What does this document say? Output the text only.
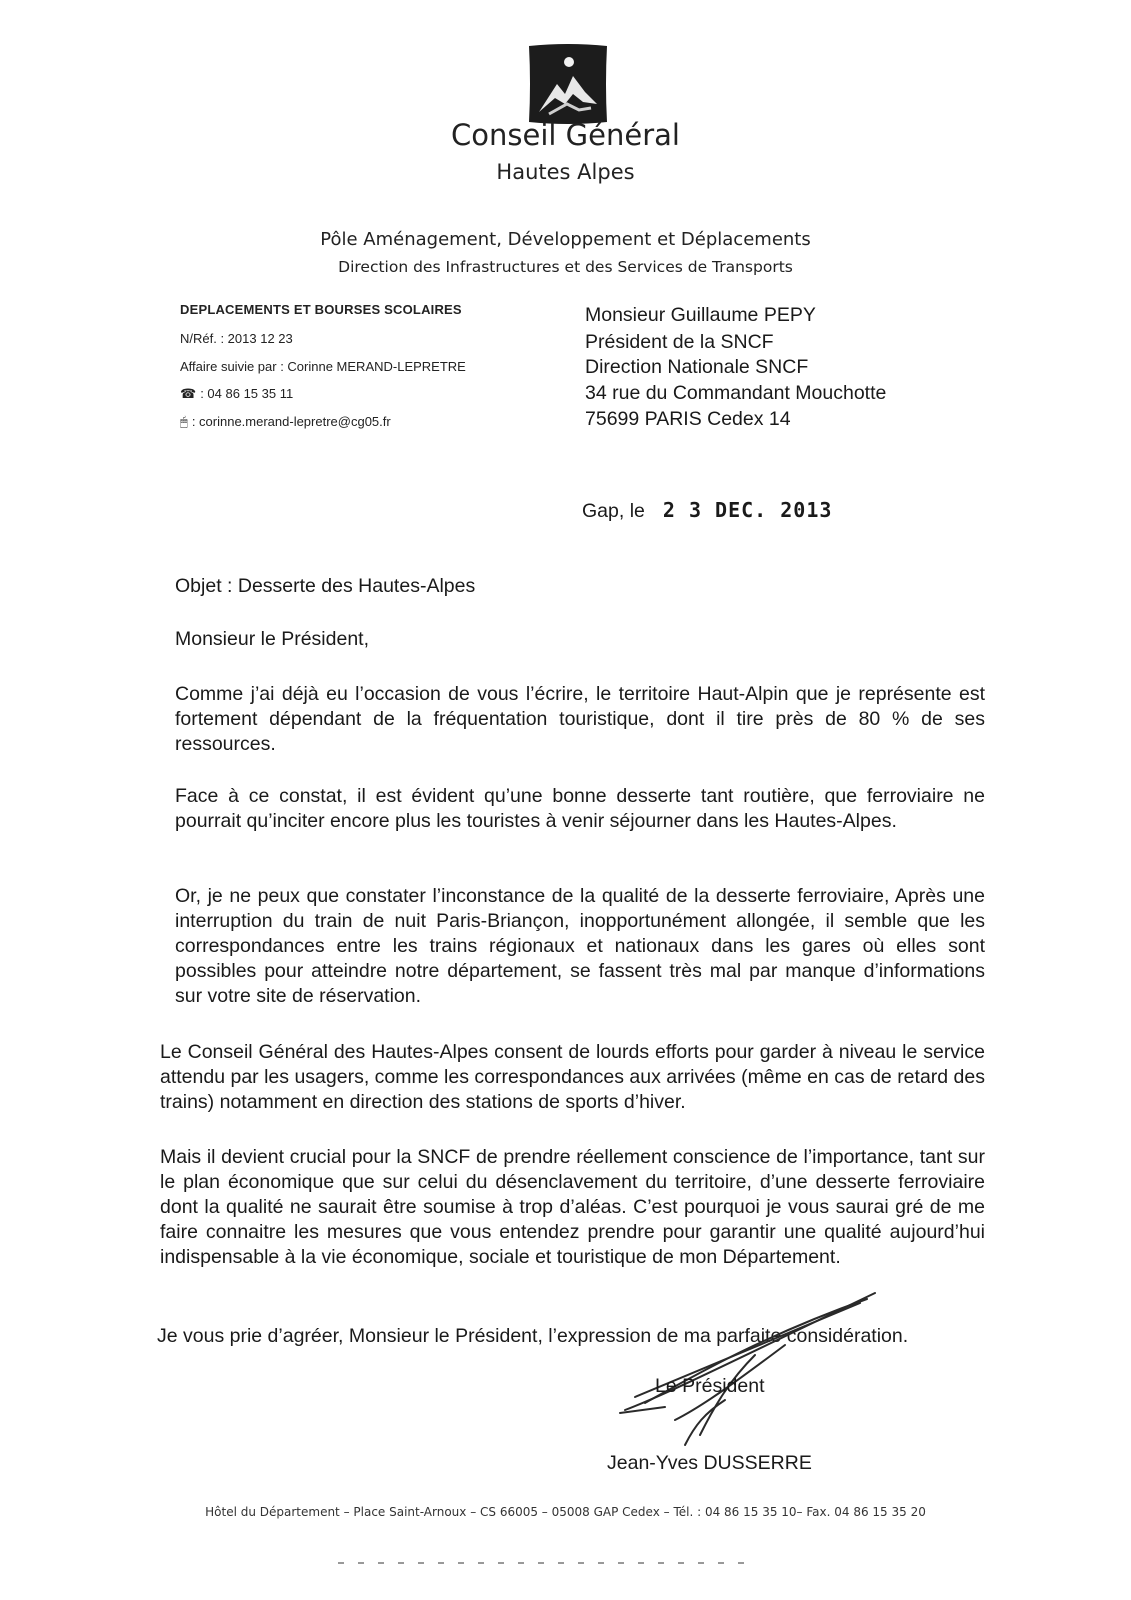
Conseil Général
Hautes Alpes
Pôle Aménagement, Développement et Déplacements
Direction des Infrastructures et des Services de Transports
DEPLACEMENTS ET BOURSES SCOLAIRES
N/Réf. : 2013 12 23
Affaire suivie par : Corinne MERAND-LEPRETRE
☎ : 04 86 15 35 11
🖱 : corinne.merand-lepretre@cg05.fr
Monsieur Guillaume PEPY
Président de la SNCF
Direction Nationale SNCF
34 rue du Commandant Mouchotte
75699 PARIS Cedex 14
Gap, le 2 3 DEC. 2013
Objet : Desserte des Hautes-Alpes
Monsieur le Président,
Comme j’ai déjà eu l’occasion de vous l’écrire, le territoire Haut-Alpin que je représente est fortement dépendant de la fréquentation touristique, dont il tire près de 80 % de ses ressources.
Face à ce constat, il est évident qu’une bonne desserte tant routière, que ferroviaire ne pourrait qu’inciter encore plus les touristes à venir séjourner dans les Hautes-Alpes.
Or, je ne peux que constater l’inconstance de la qualité de la desserte ferroviaire, Après une interruption du train de nuit Paris-Briançon, inopportunément allongée, il semble que les correspondances entre les trains régionaux et nationaux dans les gares où elles sont possibles pour atteindre notre département, se fassent très mal par manque d’informations sur votre site de réservation.
Le Conseil Général des Hautes-Alpes consent de lourds efforts pour garder à niveau le service attendu par les usagers, comme les correspondances aux arrivées (même en cas de retard des trains) notamment en direction des stations de sports d’hiver.
Mais il devient crucial pour la SNCF de prendre réellement conscience de l’importance, tant sur le plan économique que sur celui du désenclavement du territoire, d’une desserte ferroviaire dont la qualité ne saurait être soumise à trop d’aléas. C’est pourquoi je vous saurai gré de me faire connaitre les mesures que vous entendez prendre pour garantir une qualité aujourd’hui indispensable à la vie économique, sociale et touristique de mon Département.
Je vous prie d’agréer, Monsieur le Président, l’expression de ma parfaite considération.
Le Président
Jean-Yves DUSSERRE
Hôtel du Département – Place Saint-Arnoux – CS 66005 – 05008 GAP Cedex – Tél. : 04 86 15 35 10– Fax. 04 86 15 35 20
